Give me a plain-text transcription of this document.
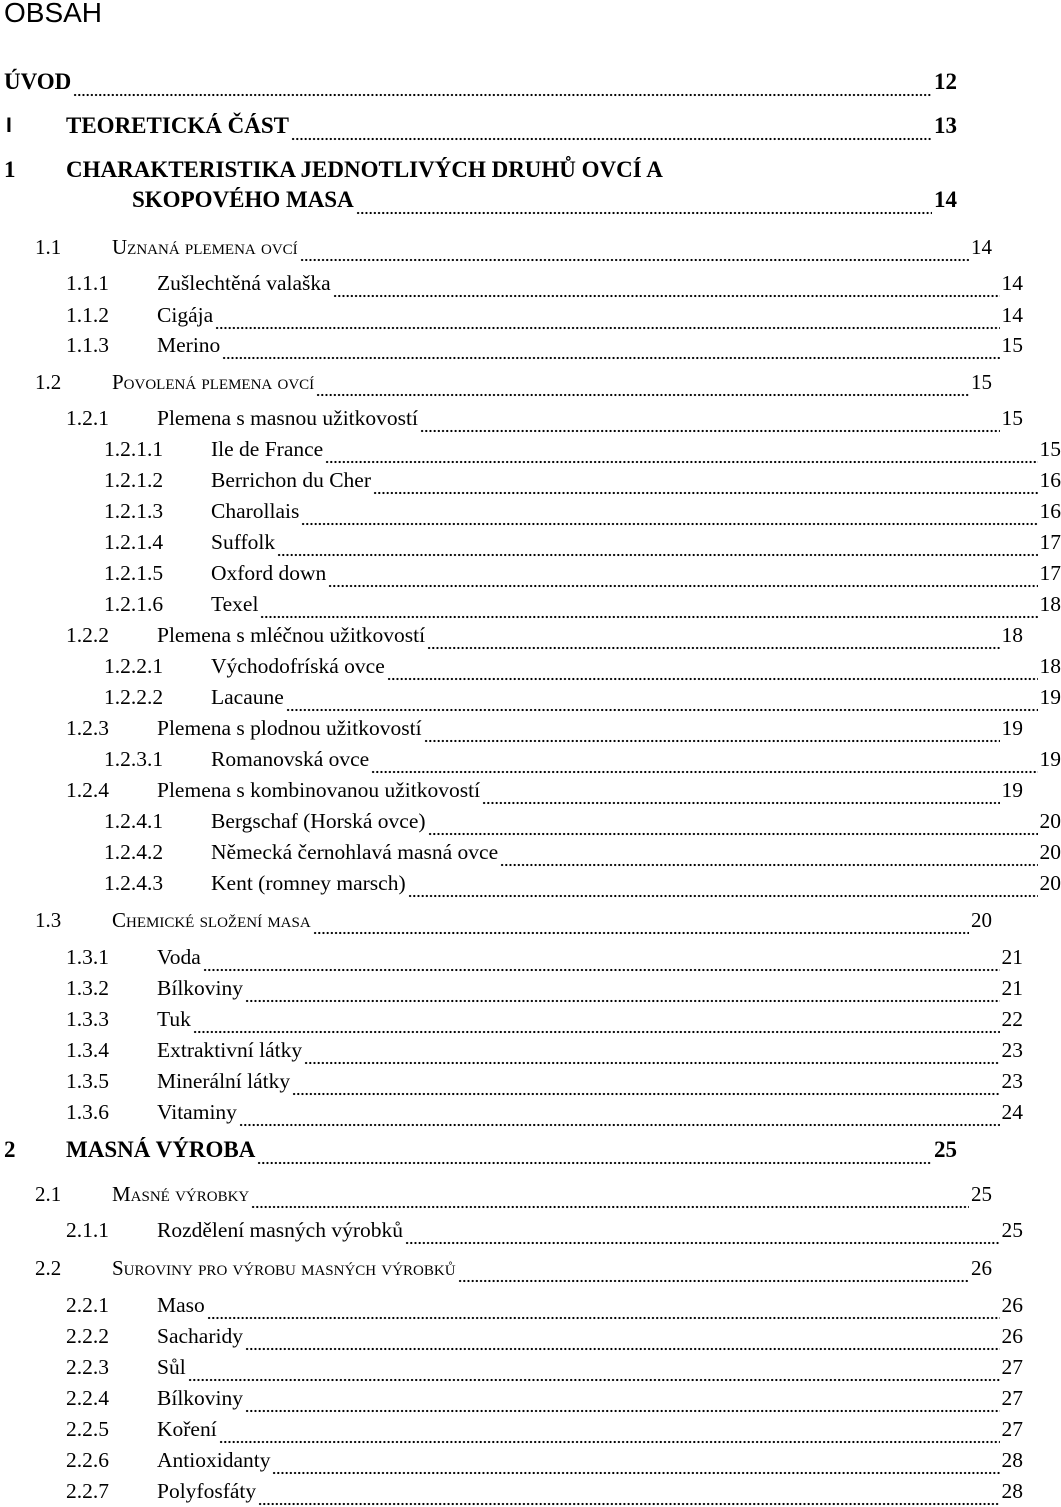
OBSAH
ÚVOD	12
I TEORETICKÁ ČÁST	13
1 CHARAKTERISTIKA JEDNOTLIVÝCH DRUHŮ OVCÍ A
SKOPOVÉHO MASA	14
1.1	Uznaná plemena ovcí	14
1.1.1	Zušlechtěná valaška	14
1.1.2	Cigája	14
1.1.3	Merino	15
1.2	Povolená plemena ovcí	15
1.2.1	Plemena s masnou užitkovostí	15
1.2.1.1	Ile de France	15
1.2.1.2	Berrichon du Cher	16
1.2.1.3	Charollais	16
1.2.1.4	Suffolk	17
1.2.1.5	Oxford down	17
1.2.1.6	Texel	18
1.2.2	Plemena s mléčnou užitkovostí	18
1.2.2.1	Východofríská ovce	18
1.2.2.2	Lacaune	19
1.2.3	Plemena s plodnou užitkovostí	19
1.2.3.1	Romanovská ovce	19
1.2.4	Plemena s kombinovanou užitkovostí	19
1.2.4.1	Bergschaf (Horská ovce)	20
1.2.4.2	Německá černohlavá masná ovce	20
1.2.4.3	Kent (romney marsch)	20
1.3	Chemické složení masa	20
1.3.1	Voda	21
1.3.2	Bílkoviny	21
1.3.3	Tuk	22
1.3.4	Extraktivní látky	23
1.3.5	Minerální látky	23
1.3.6	Vitaminy	24
2 MASNÁ VÝROBA	25
2.1	Masné výrobky	25
2.1.1	Rozdělení masných výrobků	25
2.2	Suroviny pro výrobu masných výrobků	26
2.2.1	Maso	26
2.2.2	Sacharidy	26
2.2.3	Sůl	27
2.2.4	Bílkoviny	27
2.2.5	Koření	27
2.2.6	Antioxidanty	28
2.2.7	Polyfosfáty	28
